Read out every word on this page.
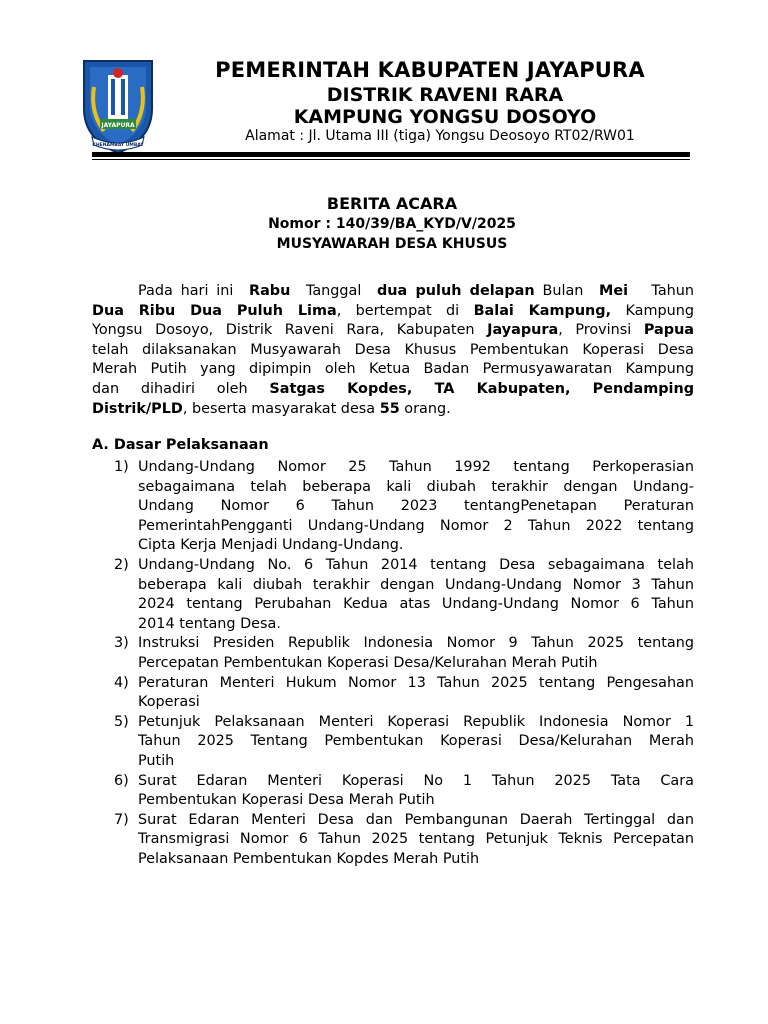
JAYAPURA
KHENAMBAY UMBAY
PEMERINTAH KABUPATEN JAYAPURA
DISTRIK RAVENI RARA
KAMPUNG YONGSU DOSOYO
Alamat : Jl. Utama III (tiga) Yongsu Deosoyo RT02/RW01
BERITA ACARA
Nomor : 140/39/BA_KYD/V/2025
MUSYAWARAH DESA KHUSUS
Pada hari ini Rabu Tanggal dua puluh delapan Bulan Mei Tahun
Dua Ribu Dua Puluh Lima, bertempat di Balai Kampung, Kampung
Yongsu Dosoyo, Distrik Raveni Rara, Kabupaten Jayapura, Provinsi Papua
telah dilaksanakan Musyawarah Desa Khusus Pembentukan Koperasi Desa
Merah Putih yang dipimpin oleh Ketua Badan Permusyawaratan Kampung
dan dihadiri oleh Satgas Kopdes, TA Kabupaten, Pendamping
Distrik/PLD, beserta masyarakat desa 55 orang.
A. Dasar Pelaksanaan
1) Undang-Undang Nomor 25 Tahun 1992 tentang Perkoperasian
sebagaimana telah beberapa kali diubah terakhir dengan Undang-
Undang Nomor 6 Tahun 2023 tentangPenetapan Peraturan
PemerintahPengganti Undang-Undang Nomor 2 Tahun 2022 tentang
Cipta Kerja Menjadi Undang-Undang.
2) Undang-Undang No. 6 Tahun 2014 tentang Desa sebagaimana telah
beberapa kali diubah terakhir dengan Undang-Undang Nomor 3 Tahun
2024 tentang Perubahan Kedua atas Undang-Undang Nomor 6 Tahun
2014 tentang Desa.
3) Instruksi Presiden Republik Indonesia Nomor 9 Tahun 2025 tentang
Percepatan Pembentukan Koperasi Desa/Kelurahan Merah Putih
4) Peraturan Menteri Hukum Nomor 13 Tahun 2025 tentang Pengesahan
Koperasi
5) Petunjuk Pelaksanaan Menteri Koperasi Republik Indonesia Nomor 1
Tahun 2025 Tentang Pembentukan Koperasi Desa/Kelurahan Merah
Putih
6) Surat Edaran Menteri Koperasi No 1 Tahun 2025 Tata Cara
Pembentukan Koperasi Desa Merah Putih
7) Surat Edaran Menteri Desa dan Pembangunan Daerah Tertinggal dan
Transmigrasi Nomor 6 Tahun 2025 tentang Petunjuk Teknis Percepatan
Pelaksanaan Pembentukan Kopdes Merah Putih
